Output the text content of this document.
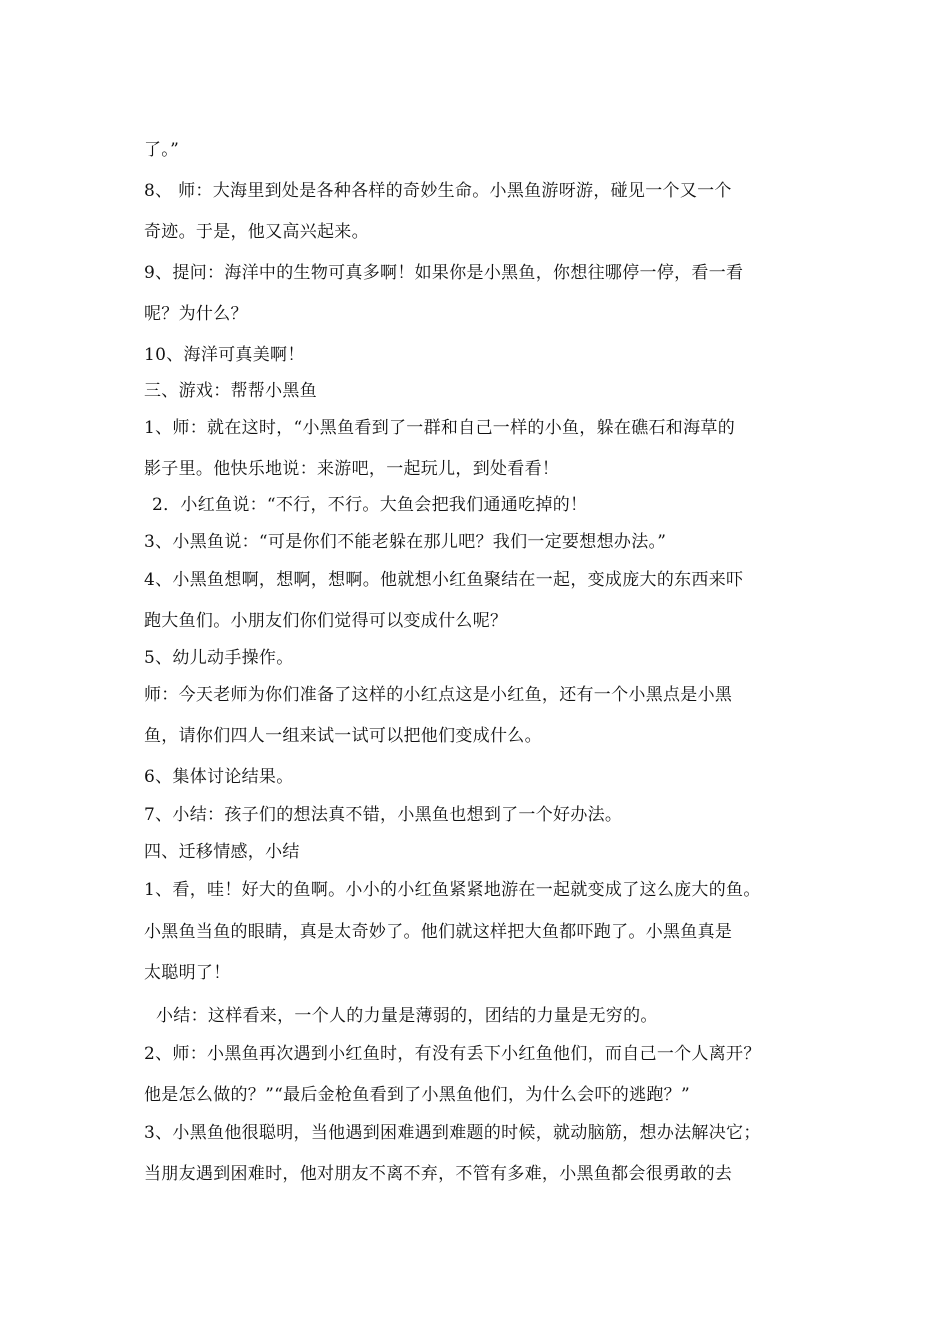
了。”
8、 师：大海里到处是各种各样的奇妙生命。小黑鱼游呀游，碰见一个又一个
奇迹。于是，他又高兴起来。
9、提问：海洋中的生物可真多啊！如果你是小黑鱼，你想往哪停一停，看一看
呢？为什么？
10、海洋可真美啊！
三、游戏：帮帮小黑鱼
1、师：就在这时，“小黑鱼看到了一群和自己一样的小鱼，躲在礁石和海草的
影子里。他快乐地说：来游吧，一起玩儿，到处看看！
2．小红鱼说：“不行，不行。大鱼会把我们通通吃掉的！
3、小黑鱼说：“可是你们不能老躲在那儿吧？我们一定要想想办法。”
4、小黑鱼想啊，想啊，想啊。他就想小红鱼聚结在一起，变成庞大的东西来吓
跑大鱼们。小朋友们你们觉得可以变成什么呢？
5、幼儿动手操作。
师：今天老师为你们准备了这样的小红点这是小红鱼，还有一个小黑点是小黑
鱼，请你们四人一组来试一试可以把他们变成什么。
6、集体讨论结果。
7、小结：孩子们的想法真不错，小黑鱼也想到了一个好办法。
四、迁移情感，小结
1、看，哇！好大的鱼啊。小小的小红鱼紧紧地游在一起就变成了这么庞大的鱼。
小黑鱼当鱼的眼睛，真是太奇妙了。他们就这样把大鱼都吓跑了。小黑鱼真是
太聪明了！
小结：这样看来，一个人的力量是薄弱的，团结的力量是无穷的。
2、师：小黑鱼再次遇到小红鱼时，有没有丢下小红鱼他们，而自己一个人离开？
他是怎么做的？”“最后金枪鱼看到了小黑鱼他们，为什么会吓的逃跑？”
3、小黑鱼他很聪明，当他遇到困难遇到难题的时候，就动脑筋，想办法解决它；
当朋友遇到困难时，他对朋友不离不弃，不管有多难，小黑鱼都会很勇敢的去
